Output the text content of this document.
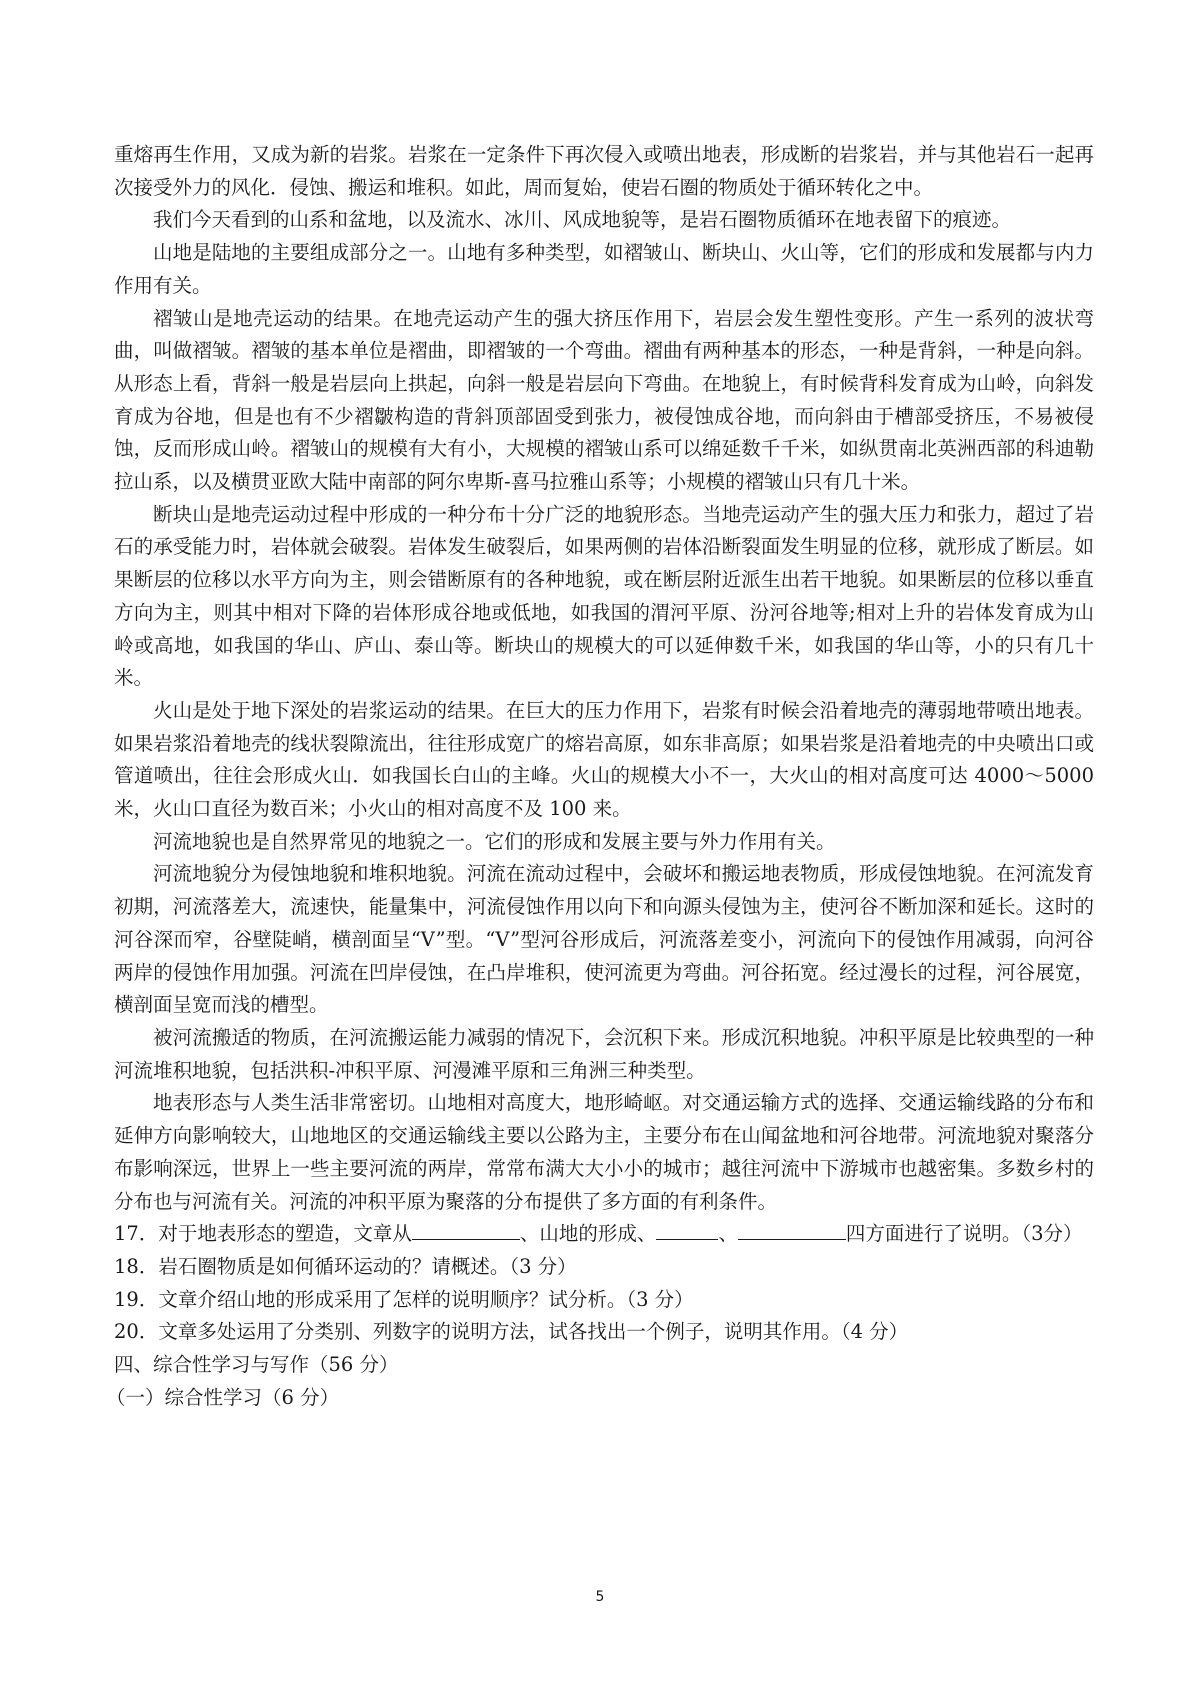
重熔再生作用，又成为新的岩浆。岩浆在一定条件下再次侵入或喷出地表，形成断的岩浆岩，并与其他岩石一起再次接受外力的风化．侵蚀、搬运和堆积。如此，周而复始，使岩石圈的物质处于循环转化之中。

我们今天看到的山系和盆地，以及流水、冰川、风成地貌等，是岩石圈物质循环在地表留下的痕迹。

山地是陆地的主要组成部分之一。山地有多种类型，如褶皱山、断块山、火山等，它们的形成和发展都与内力作用有关。

褶皱山是地壳运动的结果。在地壳运动产生的强大挤压作用下，岩层会发生塑性变形。产生一系列的波状弯曲，叫做褶皱。褶皱的基本单位是褶曲，即褶皱的一个弯曲。褶曲有两种基本的形态，一种是背斜，一种是向斜。从形态上看，背斜一般是岩层向上拱起，向斜一般是岩层向下弯曲。在地貌上，有时候背科发育成为山岭，向斜发育成为谷地，但是也有不少褶皺构造的背斜顶部固受到张力，被侵蚀成谷地，而向斜由于槽部受挤压，不易被侵蚀，反而形成山岭。褶皱山的规模有大有小，大规模的褶皱山系可以绵延数千千米，如纵贯南北英洲西部的科迪勒拉山系，以及横贯亚欧大陆中南部的阿尔卑斯-喜马拉雅山系等；小规模的褶皱山只有几十米。

断块山是地壳运动过程中形成的一种分布十分广泛的地貌形态。当地壳运动产生的强大压力和张力，超过了岩石的承受能力时，岩体就会破裂。岩体发生破裂后，如果两侧的岩体沿断裂面发生明显的位移，就形成了断层。如果断层的位移以水平方向为主，则会错断原有的各种地貌，或在断层附近派生出若干地貌。如果断层的位移以垂直方向为主，则其中相对下降的岩体形成谷地或低地，如我国的渭河平原、汾河谷地等;相对上升的岩体发育成为山岭或高地，如我国的华山、庐山、泰山等。断块山的规模大的可以延伸数千米，如我国的华山等，小的只有几十米。

火山是处于地下深处的岩浆运动的结果。在巨大的压力作用下，岩浆有时候会沿着地壳的薄弱地带喷出地表。如果岩浆沿着地壳的线状裂隙流出，往往形成宽广的熔岩高原，如东非高原；如果岩浆是沿着地壳的中央喷出口或管道喷出，往往会形成火山．如我国长白山的主峰。火山的规模大小不一，大火山的相对高度可达 4000～5000 米，火山口直径为数百米；小火山的相对高度不及 100 来。

河流地貌也是自然界常见的地貌之一。它们的形成和发展主要与外力作用有关。

河流地貌分为侵蚀地貌和堆积地貌。河流在流动过程中，会破坏和搬运地表物质，形成侵蚀地貌。在河流发育初期，河流落差大，流速快，能量集中，河流侵蚀作用以向下和向源头侵蚀为主，使河谷不断加深和延长。这时的河谷深而窄，谷壁陡峭，横剖面呈“V”型。“V”型河谷形成后，河流落差变小，河流向下的侵蚀作用减弱，向河谷两岸的侵蚀作用加强。河流在凹岸侵蚀，在凸岸堆积，使河流更为弯曲。河谷拓宽。经过漫长的过程，河谷展宽，横剖面呈宽而浅的槽型。

被河流搬适的物质，在河流搬运能力减弱的情况下，会沉积下来。形成沉积地貌。冲积平原是比较典型的一种河流堆积地貌，包括洪积-冲积平原、河漫滩平原和三角洲三种类型。

地表形态与人类生活非常密切。山地相对高度大，地形崎岖。对交通运输方式的选择、交通运输线路的分布和延伸方向影响较大，山地地区的交通运输线主要以公路为主，主要分布在山闻盆地和河谷地带。河流地貌对聚落分布影响深远，世界上一些主要河流的两岸，常常布满大大小小的城市；越往河流中下游城市也越密集。多数乡村的分布也与河流有关。河流的冲积平原为聚落的分布提供了多方面的有利条件。

17．对于地表形态的塑造，文章从	、山地的形成、	、	四方面进行了说明。（3分）

18．岩石圈物质是如何循环运动的？请概述。（3 分）

19．文章介绍山地的形成采用了怎样的说明顺序？试分析。（3 分）

20．文章多处运用了分类别、列数字的说明方法，试各找出一个例子，说明其作用。（4 分）

四、综合性学习与写作（56 分）

（一）综合性学习（6 分）

5
